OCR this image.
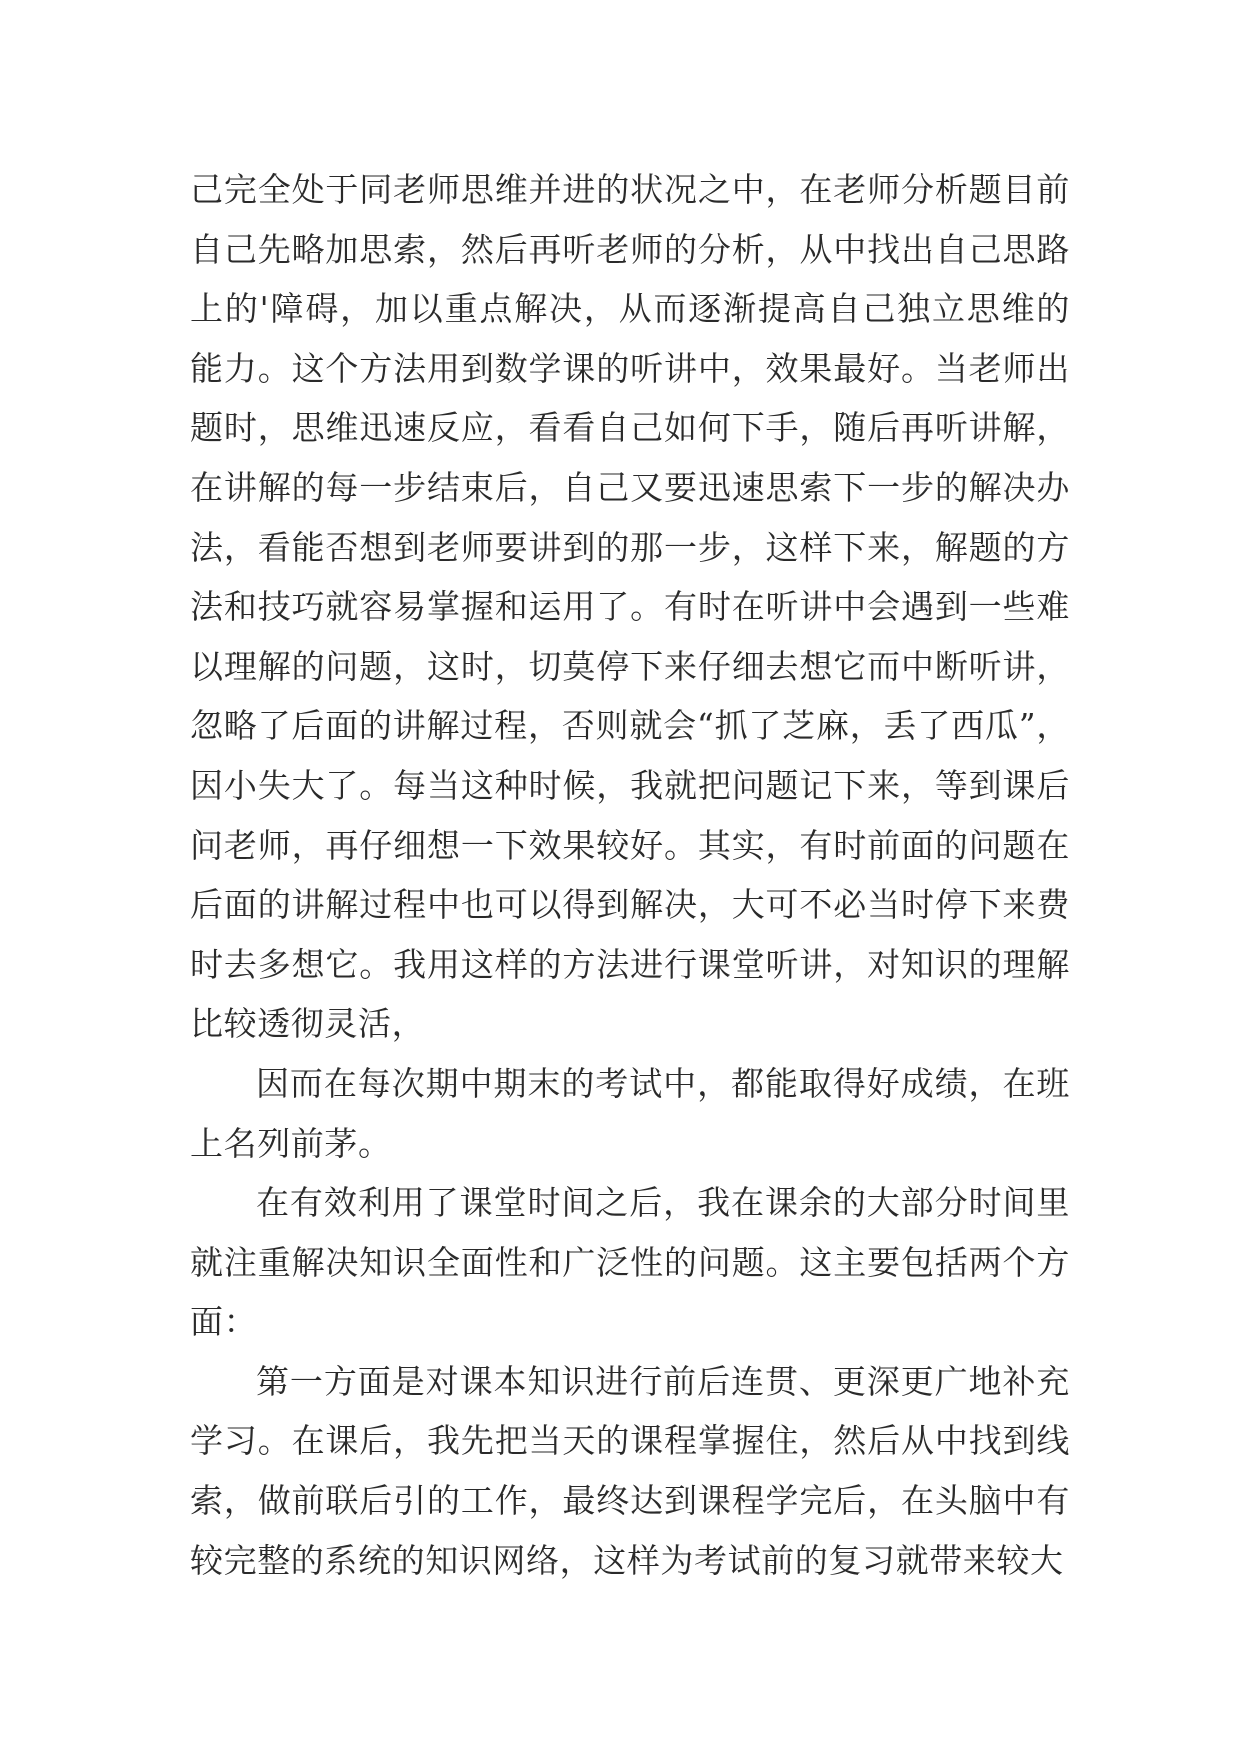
己完全处于同老师思维并进的状况之中，在老师分析题目前自己先略加思索，然后再听老师的分析，从中找出自己思路上的'障碍，加以重点解决，从而逐渐提高自己独立思维的能力。这个方法用到数学课的听讲中，效果最好。当老师出题时，思维迅速反应，看看自己如何下手，随后再听讲解，在讲解的每一步结束后，自己又要迅速思索下一步的解决办法，看能否想到老师要讲到的那一步，这样下来，解题的方法和技巧就容易掌握和运用了。有时在听讲中会遇到一些难以理解的问题，这时，切莫停下来仔细去想它而中断听讲，忽略了后面的讲解过程，否则就会“抓了芝麻，丢了西瓜”，因小失大了。每当这种时候，我就把问题记下来，等到课后问老师，再仔细想一下效果较好。其实，有时前面的问题在后面的讲解过程中也可以得到解决，大可不必当时停下来费时去多想它。我用这样的方法进行课堂听讲，对知识的理解比较透彻灵活，

因而在每次期中期末的考试中，都能取得好成绩，在班上名列前茅。

在有效利用了课堂时间之后，我在课余的大部分时间里就注重解决知识全面性和广泛性的问题。这主要包括两个方面：

第一方面是对课本知识进行前后连贯、更深更广地补充学习。在课后，我先把当天的课程掌握住，然后从中找到线索，做前联后引的工作，最终达到课程学完后，在头脑中有较完整的系统的知识网络，这样为考试前的复习就带来较大
